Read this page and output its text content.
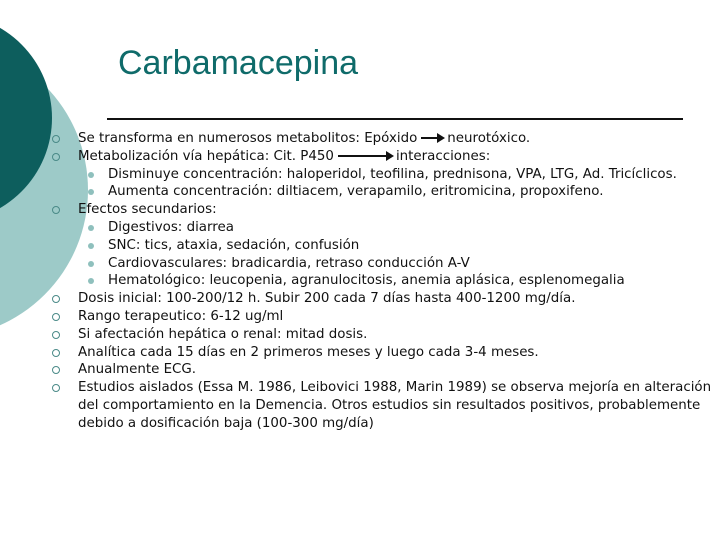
Carbamacepina
Se transforma en numerosos metabolitos: Epóxido neurotóxico.
Metabolización vía hepática: Cit. P450	interacciones:
Disminuye concentración: haloperidol, teofilina, prednisona, VPA, LTG, Ad. Tricíclicos.
Aumenta concentración: diltiacem, verapamilo, eritromicina, propoxifeno.
Efectos secundarios:
Digestivos: diarrea
SNC: tics, ataxia, sedación, confusión
Cardiovasculares: bradicardia, retraso conducción A-V
Hematológico: leucopenia, agranulocitosis, anemia aplásica, esplenomegalia
Dosis inicial: 100-200/12 h. Subir 200 cada 7 días hasta 400-1200 mg/día.
Rango terapeutico: 6-12 ug/ml
Si afectación hepática o renal: mitad dosis.
Analítica cada 15 días en 2 primeros meses y luego cada 3-4 meses.
Anualmente ECG.
Estudios aislados (Essa M. 1986, Leibovici 1988, Marin 1989) se observa mejoría en alteración del comportamiento en la Demencia. Otros estudios sin resultados positivos, probablemente debido a dosificación baja (100-300 mg/día)
